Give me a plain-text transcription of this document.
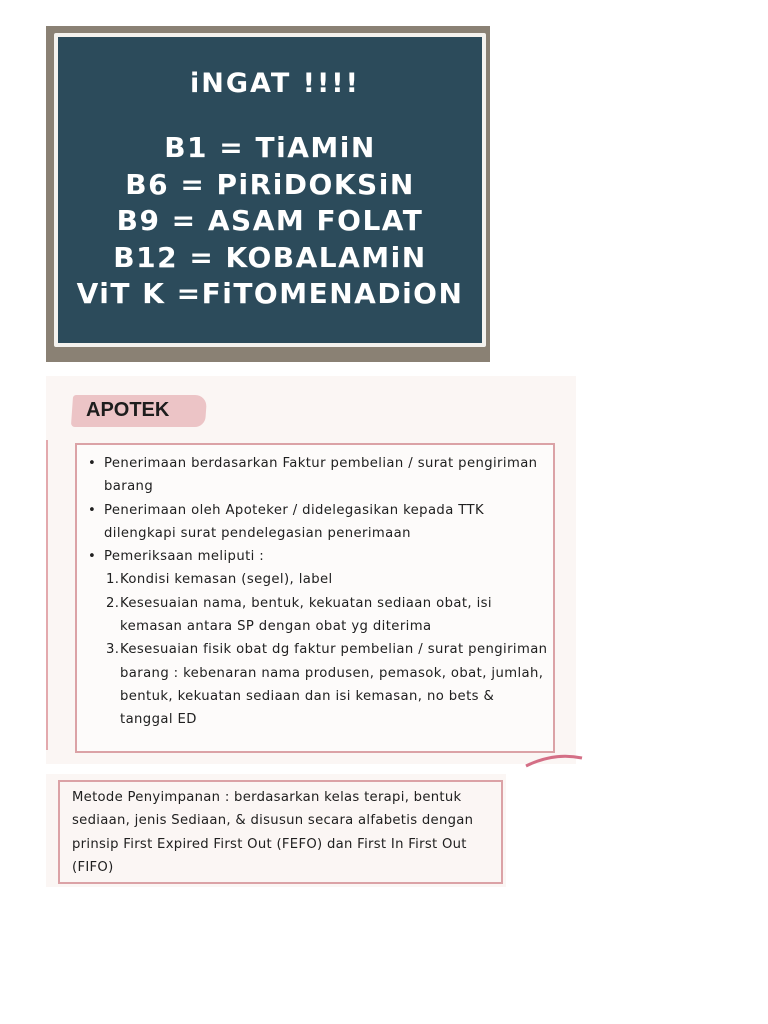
iNGAT !!!!
B1 = TiAMiN
B6 = PiRiDOKSiN
B9 = ASAM FOLAT
B12 = KOBALAMiN
ViT K =FiTOMENADiON
APOTEK
• Penerimaan berdasarkan Faktur pembelian / surat pengiriman barang
• Penerimaan oleh Apoteker / didelegasikan kepada TTK dilengkapi surat pendelegasian penerimaan
• Pemeriksaan meliputi :
1. Kondisi kemasan (segel), label
2. Kesesuaian nama, bentuk, kekuatan sediaan obat, isi kemasan antara SP dengan obat yg diterima
3. Kesesuaian fisik obat dg faktur pembelian / surat pengiriman barang : kebenaran nama produsen, pemasok, obat, jumlah, bentuk, kekuatan sediaan dan isi kemasan, no bets & tanggal ED
Metode Penyimpanan : berdasarkan kelas terapi, bentuk sediaan, jenis Sediaan, & disusun secara alfabetis dengan prinsip First Expired First Out (FEFO) dan First In First Out (FIFO)
